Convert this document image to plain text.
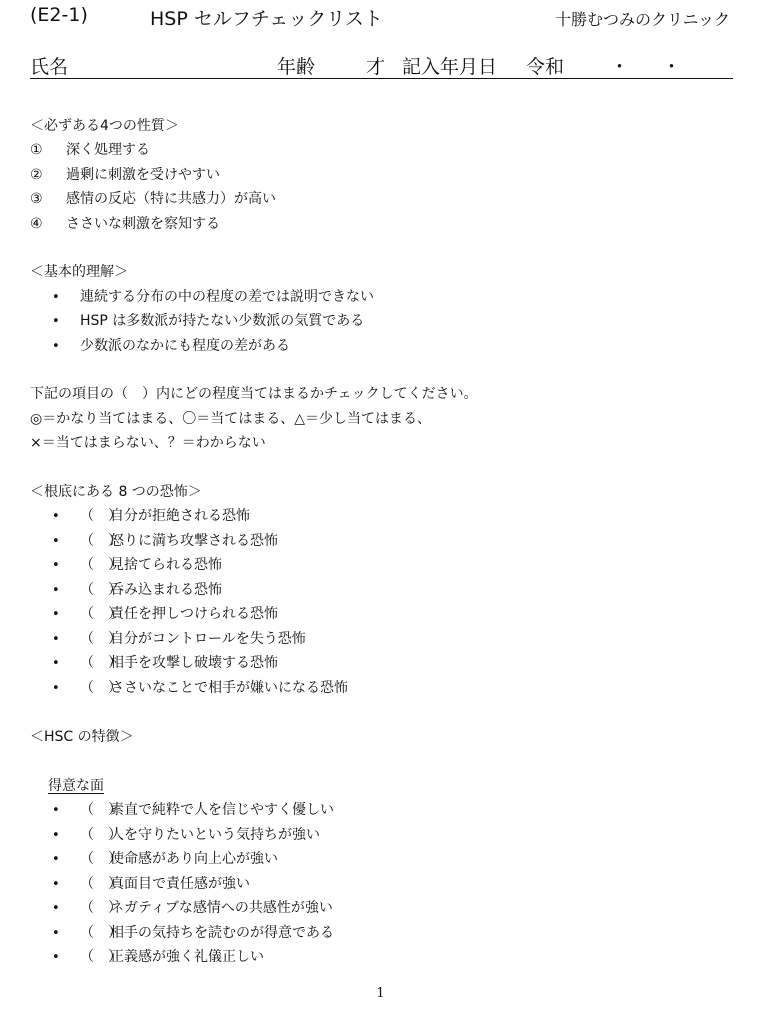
(E2-1)	HSP セルフチェックリスト	十勝むつみのクリニック
氏名	年齢	才 記入年月日 令和 ・ ・
＜必ずある4つの性質＞
① 深く処理する
② 過剰に刺激を受けやすい
③ 感情の反応（特に共感力）が高い
④ ささいな刺激を察知する
＜基本的理解＞
• 連続する分布の中の程度の差では説明できない
• HSP は多数派が持たない少数派の気質である
• 少数派のなかにも程度の差がある
下記の項目の（　）内にどの程度当てはまるかチェックしてください。
◎＝かなり当てはまる、〇＝当てはまる、△＝少し当てはまる、
×＝当てはまらない、？＝わからない
＜根底にある 8 つの恐怖＞
• （　）自分が拒絶される恐怖
• （　）怒りに満ち攻撃される恐怖
• （　）見捨てられる恐怖
• （　）呑み込まれる恐怖
• （　）責任を押しつけられる恐怖
• （　）自分がコントロールを失う恐怖
• （　）相手を攻撃し破壊する恐怖
• （　）ささいなことで相手が嫌いになる恐怖
＜HSC の特徴＞
得意な面
• （　）素直で純粋で人を信じやすく優しい
• （　）人を守りたいという気持ちが強い
• （　）使命感があり向上心が強い
• （　）真面目で責任感が強い
• （　）ネガティブな感情への共感性が強い
• （　）相手の気持ちを読むのが得意である
• （　）正義感が強く礼儀正しい
1
